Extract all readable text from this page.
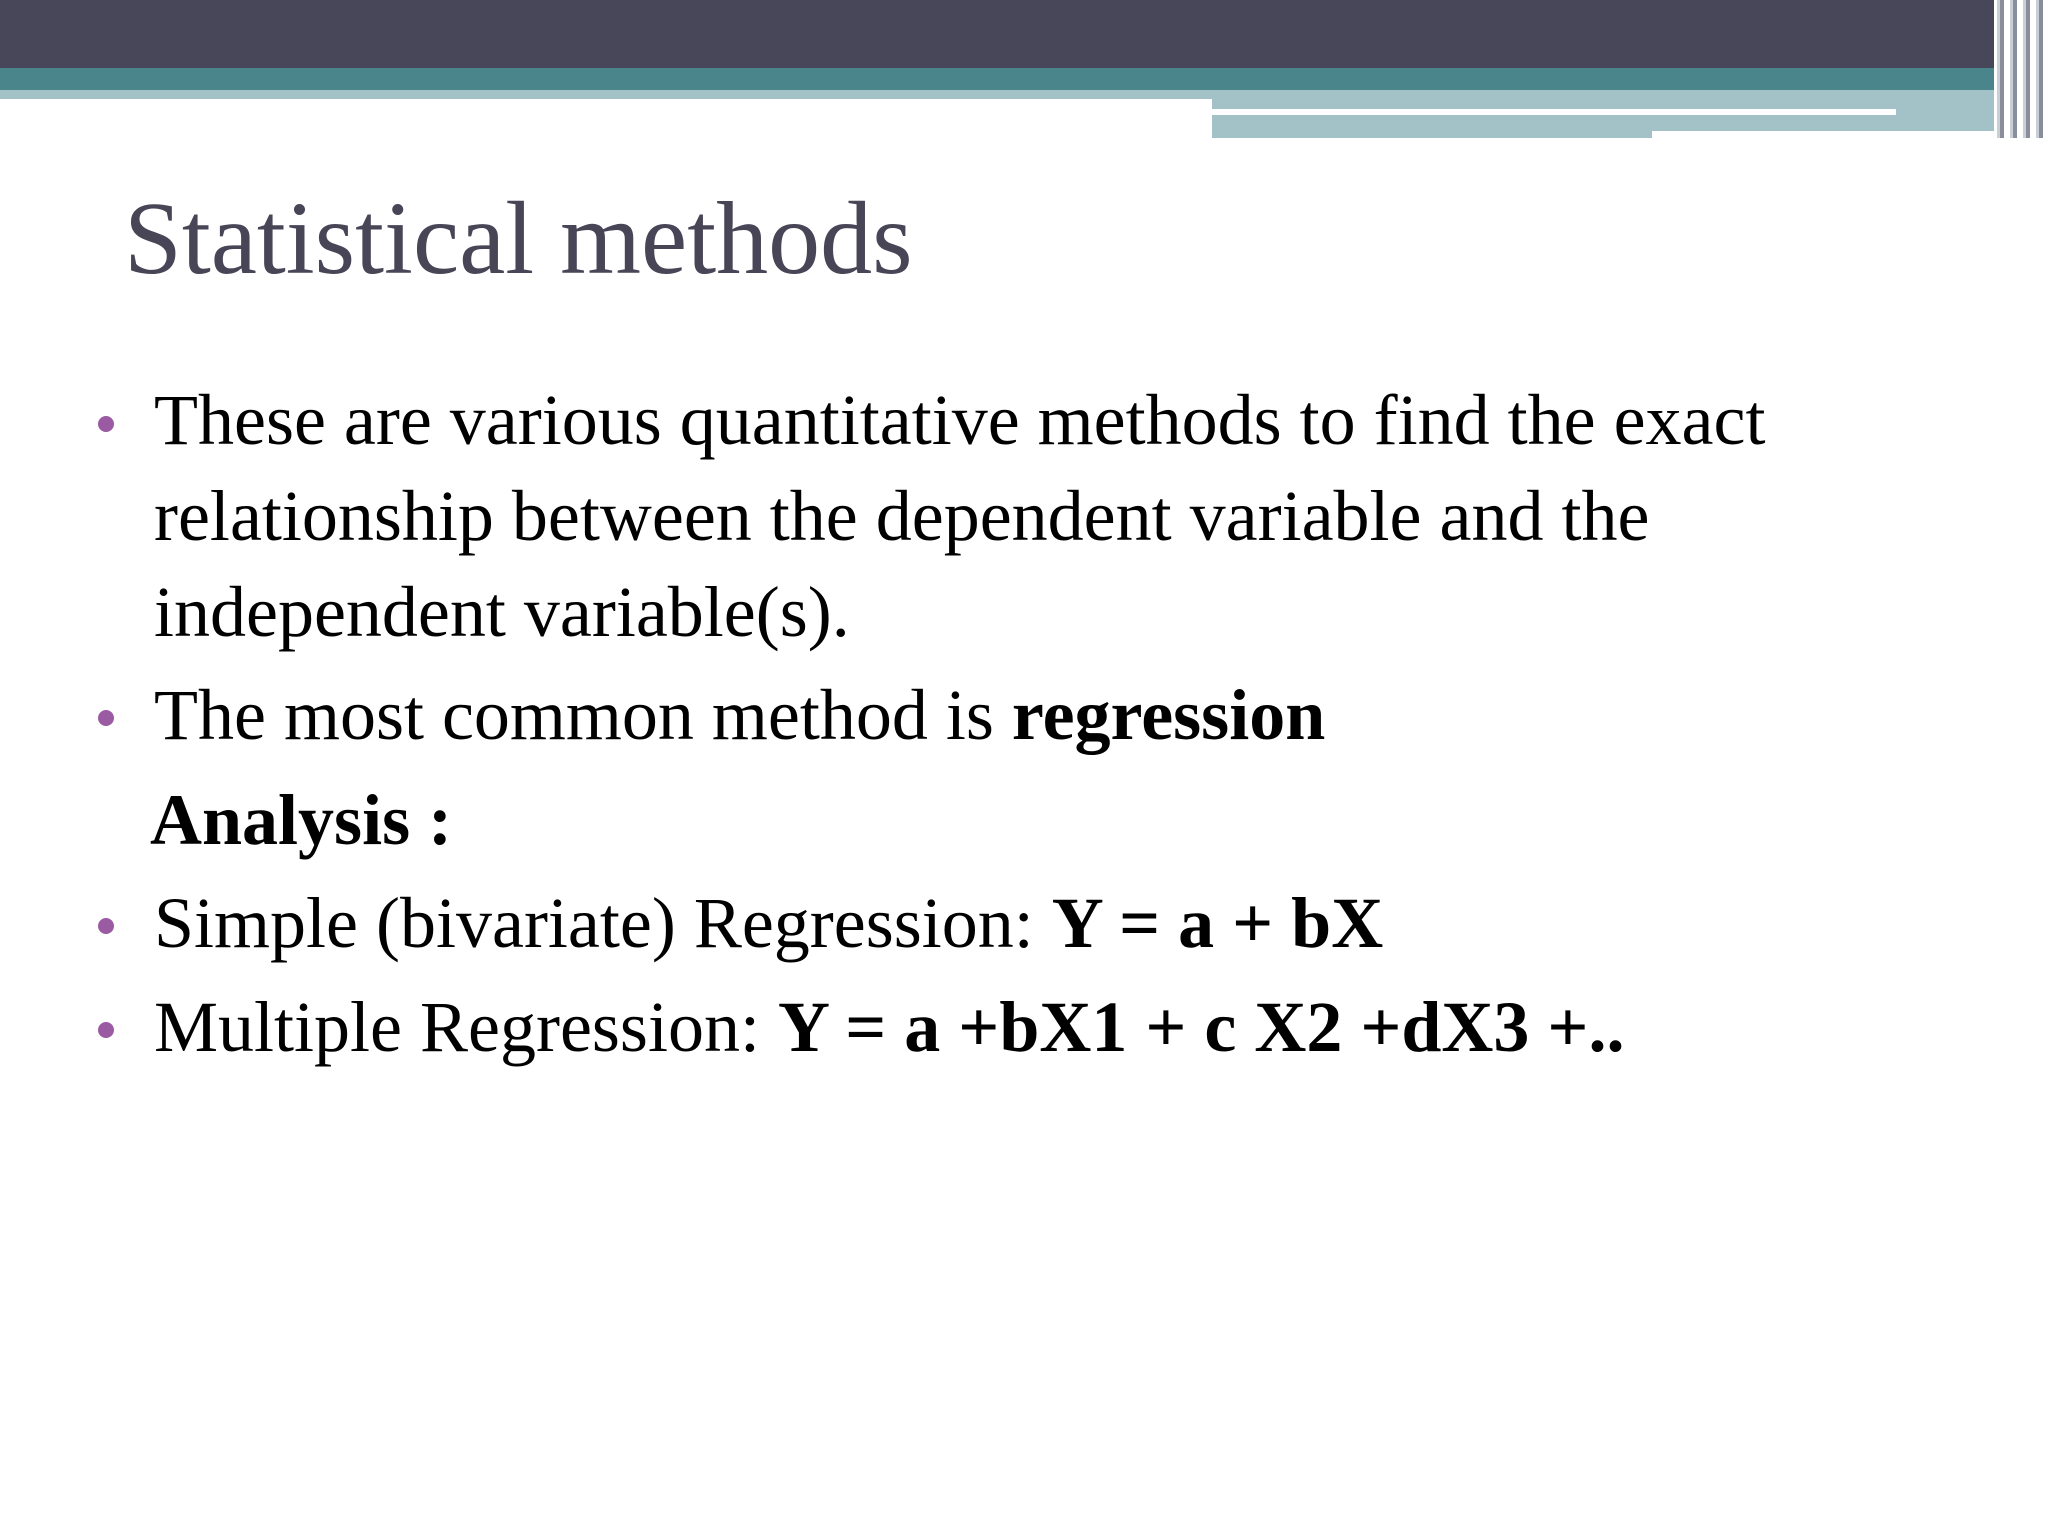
Statistical methods
These are various quantitative methods to find the exact
relationship between the dependent variable and the
independent variable(s).
The most common method is regression
Analysis :
Simple (bivariate) Regression: Y = a + bX
Multiple Regression: Y = a +bX1 + c X2 +dX3 +..
